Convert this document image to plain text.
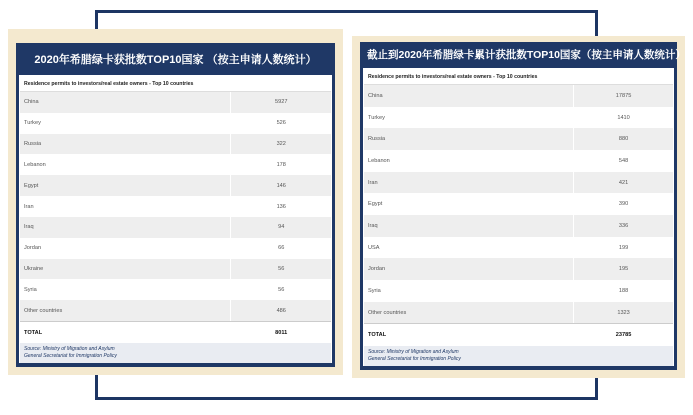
2020年希腊绿卡获批数TOP10国家 （按主申请人数统计）
Residence permits to investors/real estate owners - Top 10 countries
China	5927
Turkey	526
Russia	322
Lebanon	178
Egypt	146
Iran	136
Iraq	94
Jordan	66
Ukraine	56
Syria	56
Other countries	486
TOTAL	8011
Source: Ministry of Migration and Asylum
General Secretariat for Immigration Policy
截止到2020年希腊绿卡累计获批数TOP10国家（按主申请人数统计）
Residence permits to investors/real estate owners - Top 10 countries
China	17875
Turkey	1410
Russia	880
Lebanon	548
Iran	421
Egypt	390
Iraq	336
USA	199
Jordan	195
Syria	188
Other countries	1323
TOTAL	23785
Source: Ministry of Migration and Asylum
General Secretariat for Immigration Policy
